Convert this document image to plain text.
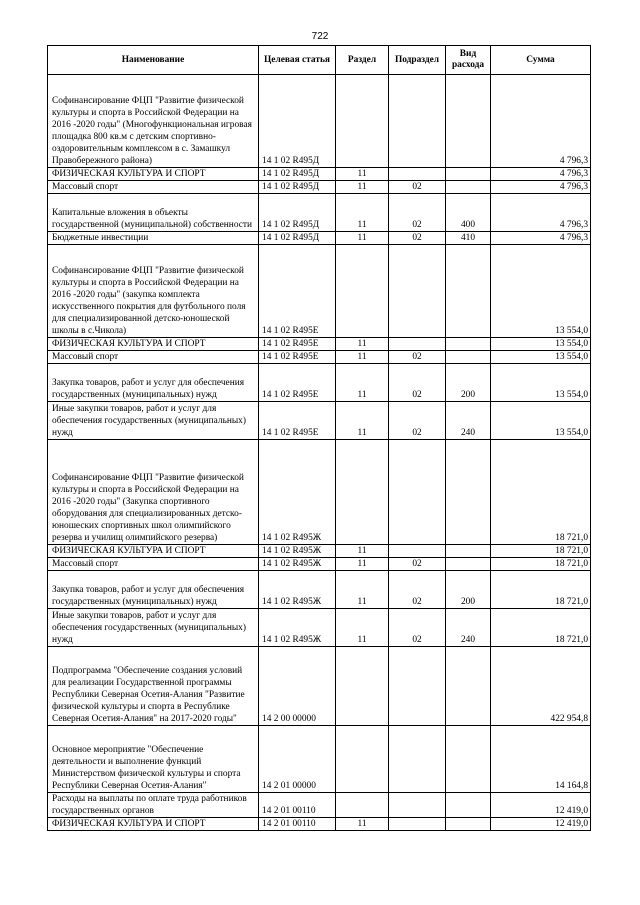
722
Наименование	Целевая статья	Раздел	Подраздел	Вид расхода	Сумма
Софинансирование ФЦП "Развитие физической культуры и спорта в Российской Федерации на 2016 -2020 годы" (Многофункциональная игровая площадка 800 кв.м с детским спортивно-оздоровительным комплексом в с. Замашкул Правобережного района)	14 1 02 R495Д				4 796,3
ФИЗИЧЕСКАЯ КУЛЬТУРА И СПОРТ	14 1 02 R495Д	11			4 796,3
Массовый спорт	14 1 02 R495Д	11	02		4 796,3
Капитальные вложения в объекты государственной (муниципальной) собственности	14 1 02 R495Д	11	02	400	4 796,3
Бюджетные инвестиции	14 1 02 R495Д	11	02	410	4 796,3
Софинансирование ФЦП "Развитие физической культуры и спорта в Российской Федерации на 2016 -2020 годы" (закупка комплекта искусственного покрытия для футбольного поля для специализированной детско-юношеской школы в с.Чикола)	14 1 02 R495Е				13 554,0
ФИЗИЧЕСКАЯ КУЛЬТУРА И СПОРТ	14 1 02 R495Е	11			13 554,0
Массовый спорт	14 1 02 R495Е	11	02		13 554,0
Закупка товаров, работ и услуг для обеспечения государственных (муниципальных) нужд	14 1 02 R495Е	11	02	200	13 554,0
Иные закупки товаров, работ и услуг для обеспечения государственных (муниципальных) нужд	14 1 02 R495Е	11	02	240	13 554,0
Софинансирование ФЦП "Развитие физической культуры и спорта в Российской Федерации на 2016 -2020 годы" (Закупка спортивного оборудования для специализированных детско-юношеских спортивных школ олимпийского резерва и училищ олимпийского резерва)	14 1 02 R495Ж				18 721,0
ФИЗИЧЕСКАЯ КУЛЬТУРА И СПОРТ	14 1 02 R495Ж	11			18 721,0
Массовый спорт	14 1 02 R495Ж	11	02		18 721,0
Закупка товаров, работ и услуг для обеспечения государственных (муниципальных) нужд	14 1 02 R495Ж	11	02	200	18 721,0
Иные закупки товаров, работ и услуг для обеспечения государственных (муниципальных) нужд	14 1 02 R495Ж	11	02	240	18 721,0
Подпрограмма "Обеспечение создания условий для реализации Государственной программы Республики Северная Осетия-Алания "Развитие физической культуры и спорта в Республике Северная Осетия-Алания" на 2017-2020 годы"	14 2 00 00000				422 954,8
Основное мероприятие "Обеспечение деятельности и выполнение функций Министерством физической культуры и спорта Республики Северная Осетия-Алания"	14 2 01 00000				14 164,8
Расходы на выплаты по оплате труда работников государственных органов	14 2 01 00110				12 419,0
ФИЗИЧЕСКАЯ КУЛЬТУРА И СПОРТ	14 2 01 00110	11			12 419,0
